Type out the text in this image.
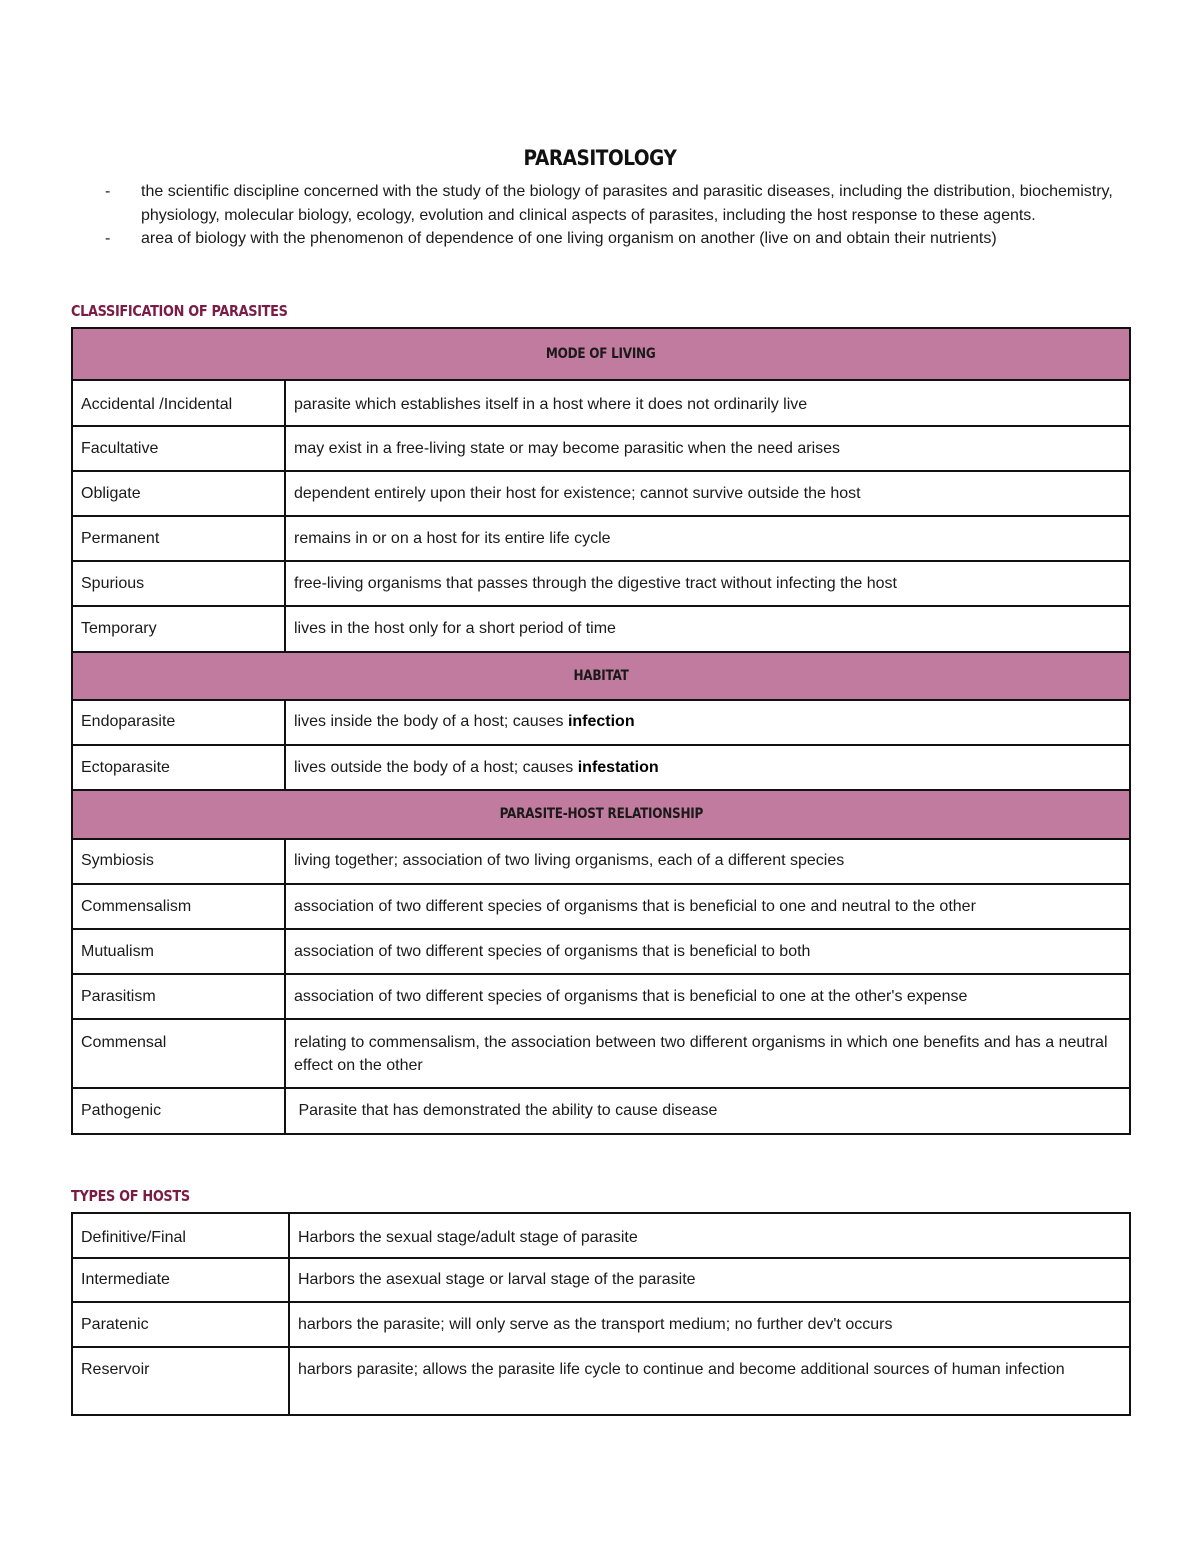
PARASITOLOGY
- the scientific discipline concerned with the study of the biology of parasites and parasitic diseases, including the distribution, biochemistry, physiology, molecular biology, ecology, evolution and clinical aspects of parasites, including the host response to these agents.
- area of biology with the phenomenon of dependence of one living organism on another (live on and obtain their nutrients)
CLASSIFICATION OF PARASITES
MODE OF LIVING	
Accidental /Incidental	parasite which establishes itself in a host where it does not ordinarily live
Facultative	may exist in a free-living state or may become parasitic when the need arises
Obligate	dependent entirely upon their host for existence; cannot survive outside the host
Permanent	remains in or on a host for its entire life cycle
Spurious	free-living organisms that passes through the digestive tract without infecting the host
Temporary	lives in the host only for a short period of time
HABITAT	
Endoparasite	lives inside the body of a host; causes infection
Ectoparasite	lives outside the body of a host; causes infestation
PARASITE-HOST RELATIONSHIP	
Symbiosis	living together; association of two living organisms, each of a different species
Commensalism	association of two different species of organisms that is beneficial to one and neutral to the other
Mutualism	association of two different species of organisms that is beneficial to both
Parasitism	association of two different species of organisms that is beneficial to one at the other's expense
Commensal	relating to commensalism, the association between two different organisms in which one benefits and has a neutral effect on the other
Pathogenic	Parasite that has demonstrated the ability to cause disease
TYPES OF HOSTS
Definitive/Final	Harbors the sexual stage/adult stage of parasite
Intermediate	Harbors the asexual stage or larval stage of the parasite
Paratenic	harbors the parasite; will only serve as the transport medium; no further dev't occurs
Reservoir	harbors parasite; allows the parasite life cycle to continue and become additional sources of human infection
